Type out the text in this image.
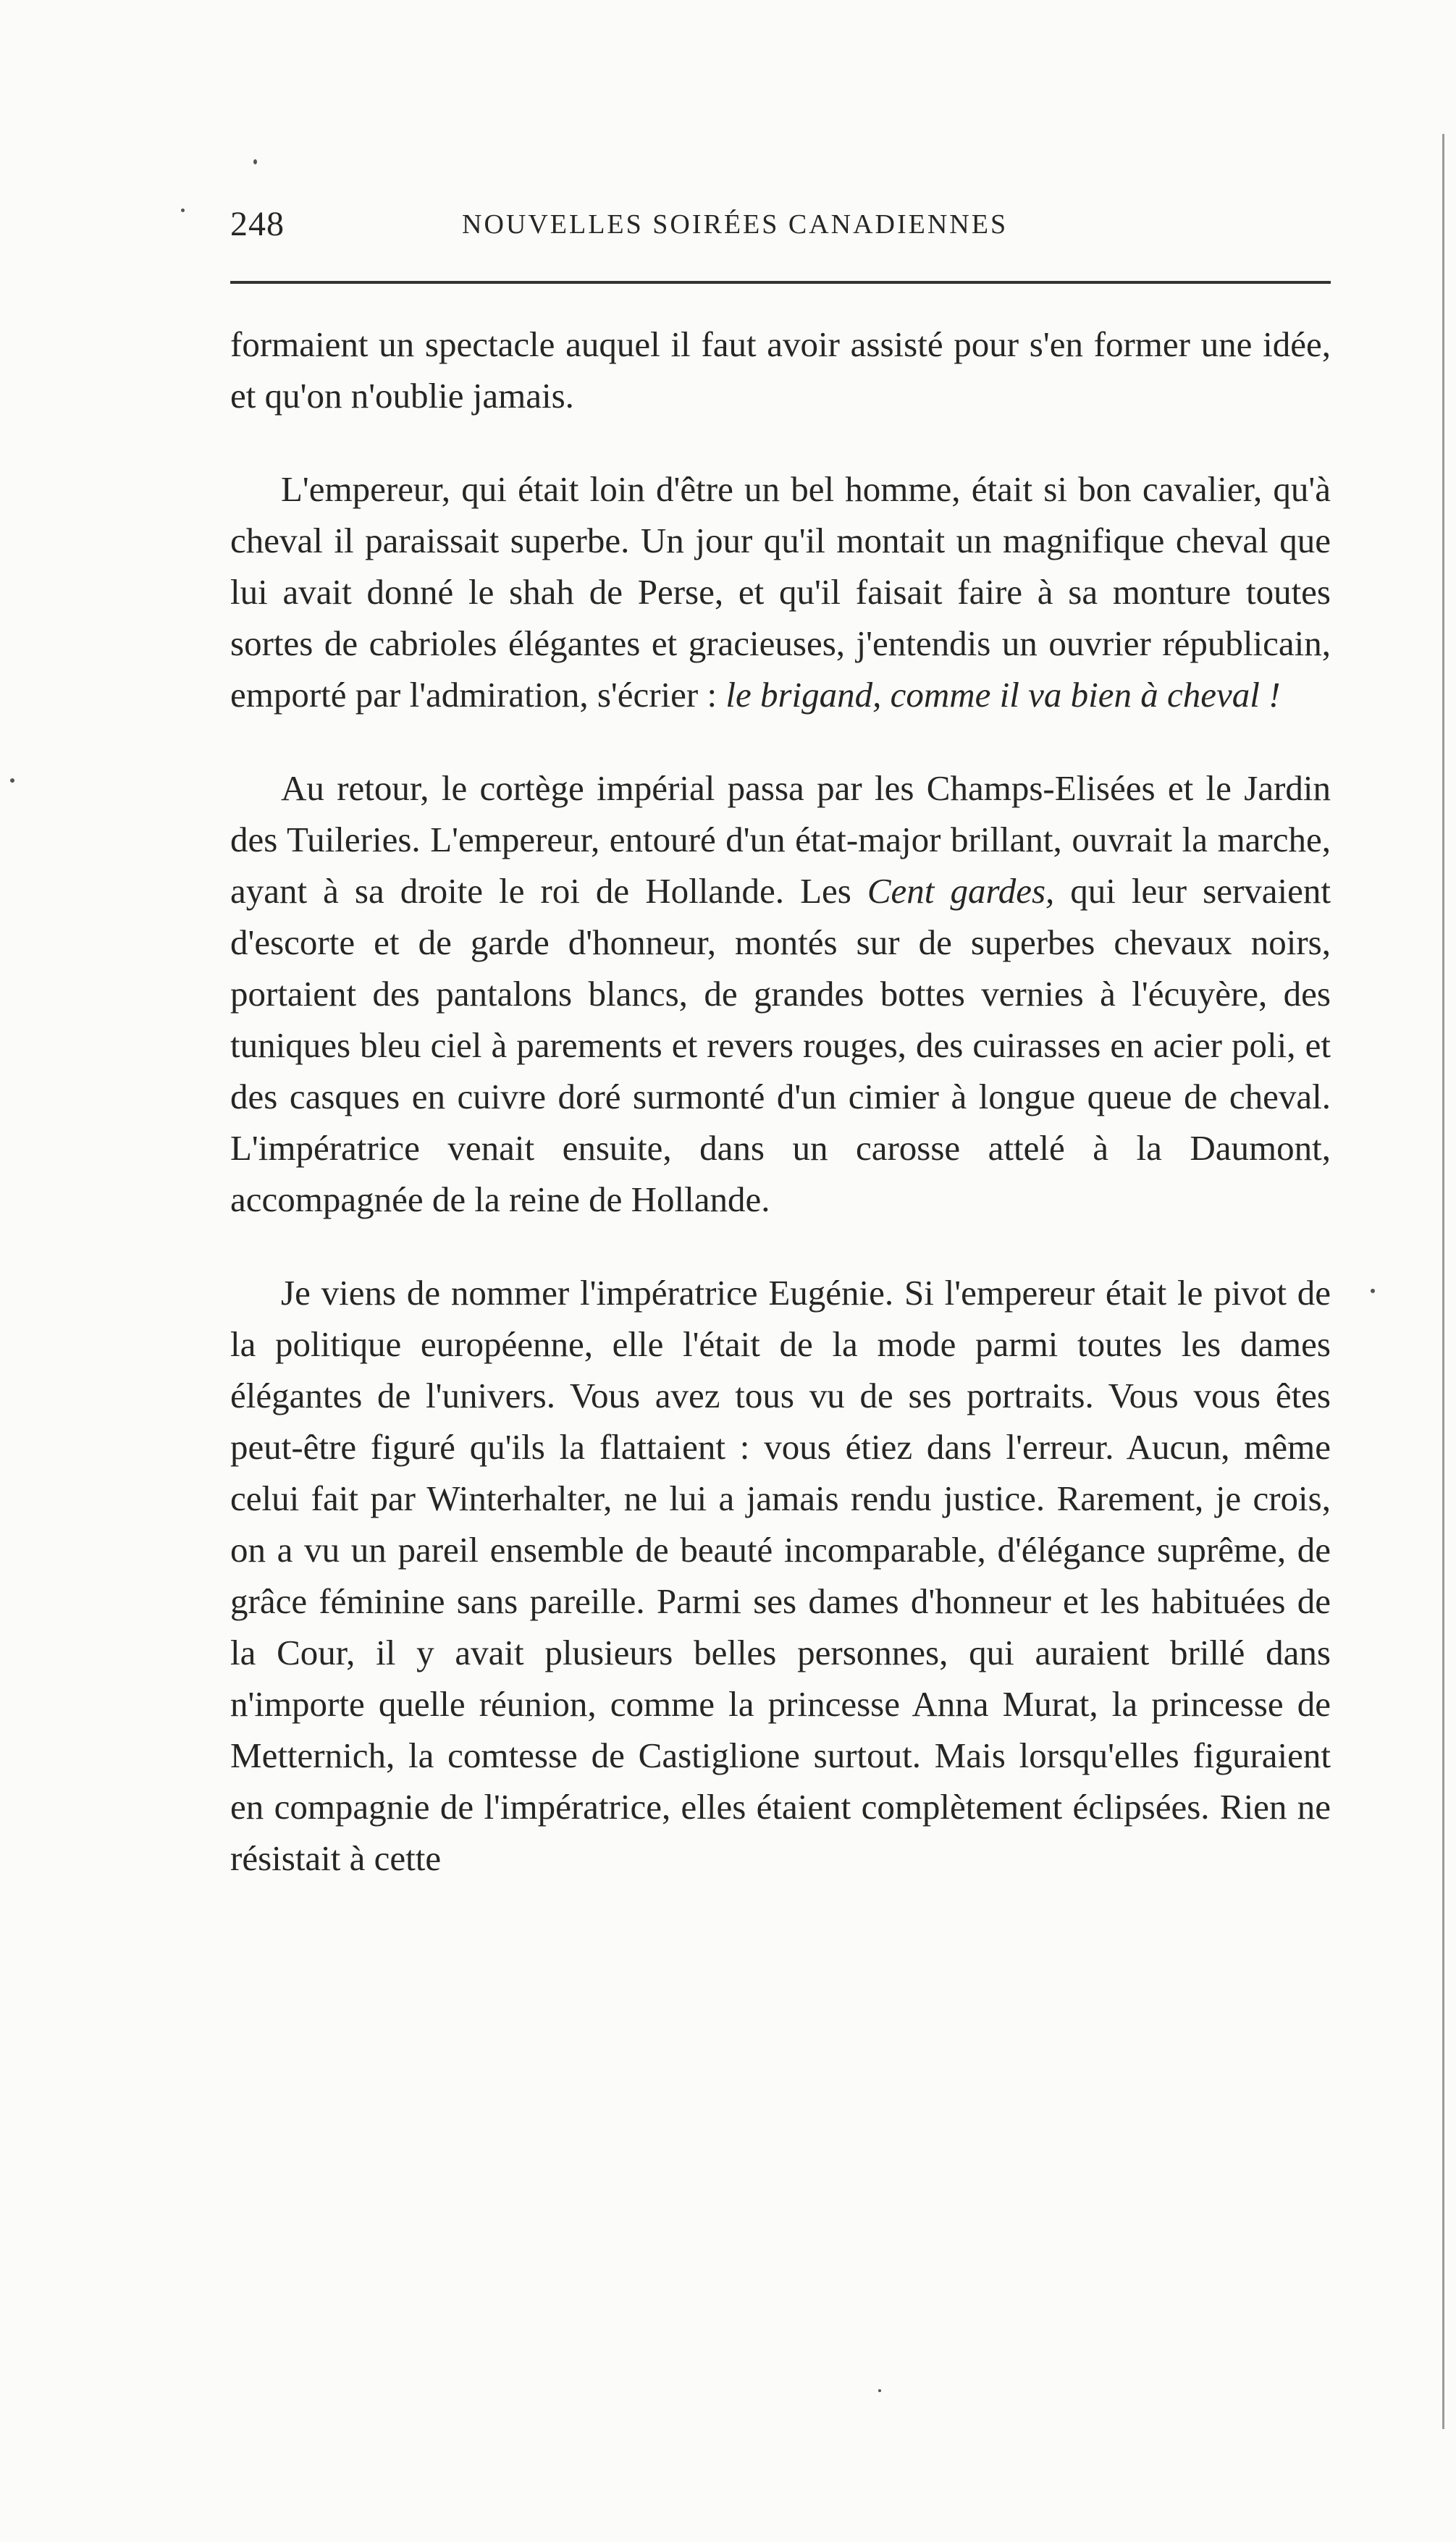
248	NOUVELLES SOIRÉES CANADIENNES

formaient un spectacle auquel il faut avoir assisté pour s'en former une idée, et qu'on n'oublie jamais.

L'empereur, qui était loin d'être un bel homme, était si bon cavalier, qu'à cheval il paraissait superbe. Un jour qu'il montait un magnifique cheval que lui avait donné le shah de Perse, et qu'il faisait faire à sa monture toutes sortes de cabrioles élégantes et gracieuses, j'entendis un ouvrier républicain, emporté par l'admiration, s'écrier : le brigand, comme il va bien à cheval !

Au retour, le cortège impérial passa par les Champs-Elisées et le Jardin des Tuileries. L'empereur, entouré d'un état-major brillant, ouvrait la marche, ayant à sa droite le roi de Hollande. Les Cent gardes, qui leur servaient d'escorte et de garde d'honneur, montés sur de superbes chevaux noirs, portaient des pantalons blancs, de grandes bottes vernies à l'écuyère, des tuniques bleu ciel à parements et revers rouges, des cuirasses en acier poli, et des casques en cuivre doré surmonté d'un cimier à longue queue de cheval. L'impératrice venait ensuite, dans un carosse attelé à la Daumont, accompagnée de la reine de Hollande.

Je viens de nommer l'impératrice Eugénie. Si l'empereur était le pivot de la politique européenne, elle l'était de la mode parmi toutes les dames élégantes de l'univers. Vous avez tous vu de ses portraits. Vous vous êtes peut-être figuré qu'ils la flattaient : vous étiez dans l'erreur. Aucun, même celui fait par Winterhalter, ne lui a jamais rendu justice. Rarement, je crois, on a vu un pareil ensemble de beauté incomparable, d'élégance suprême, de grâce féminine sans pareille. Parmi ses dames d'honneur et les habituées de la Cour, il y avait plusieurs belles personnes, qui auraient brillé dans n'importe quelle réunion, comme la princesse Anna Murat, la princesse de Metternich, la comtesse de Castiglione surtout. Mais lorsqu'elles figuraient en compagnie de l'impératrice, elles étaient complètement éclipsées. Rien ne résistait à cette
